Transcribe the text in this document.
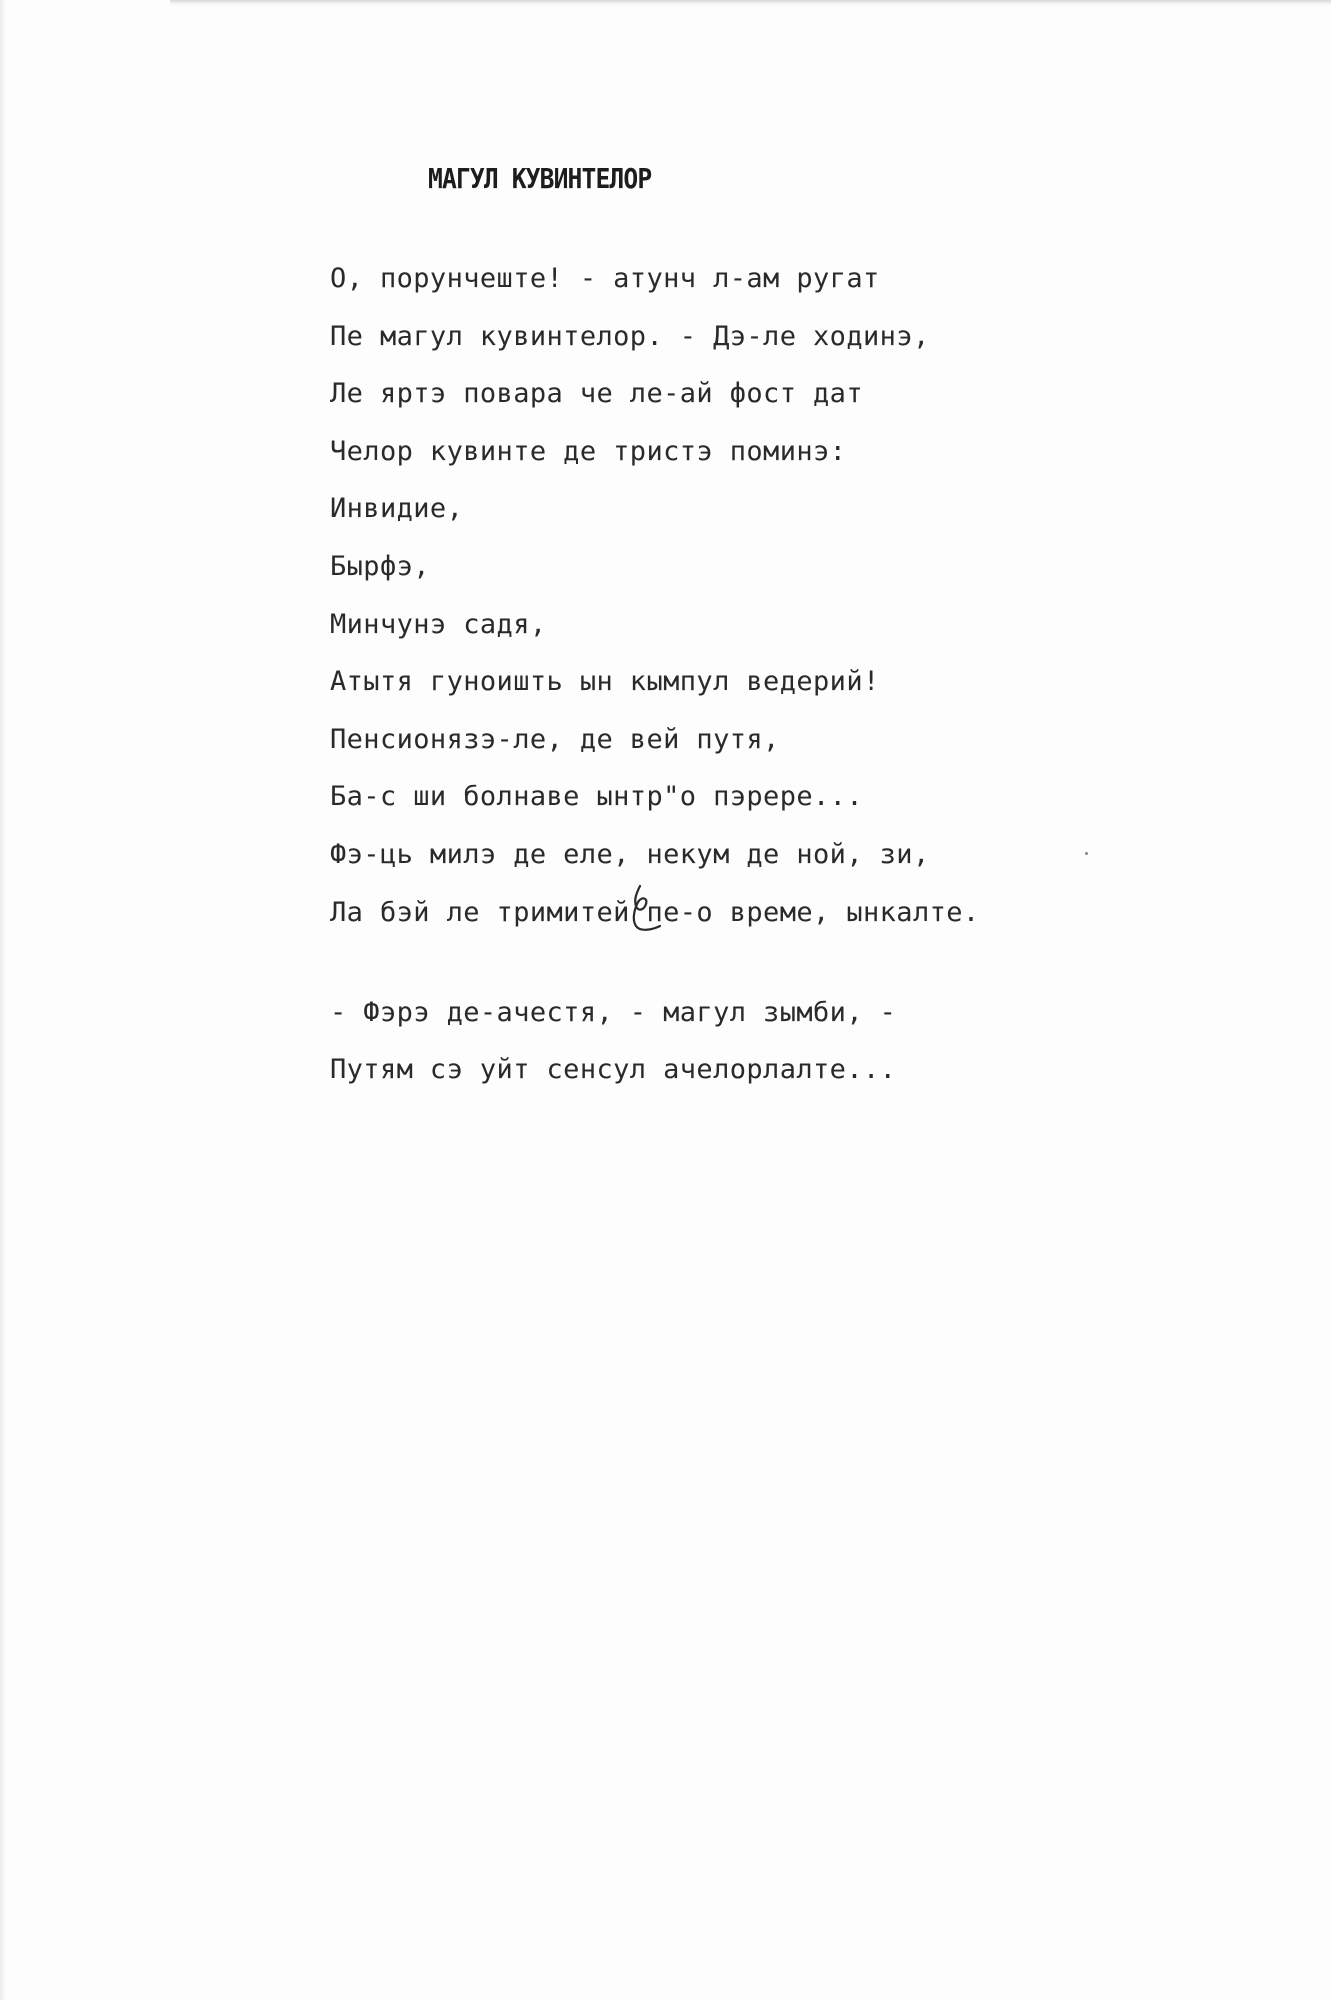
МАГУЛ КУВИНТЕЛОР
О, порунчеште! - атунч л-ам ругат
Пе магул кувинтелор. - Дэ-ле ходинэ,
Ле яртэ повара че ле-ай фост дат
Челор кувинте де тристэ поминэ:
Инвидие,
Бырфэ,
Минчунэ садя,
Атытя гуноишть ын кымпул ведерий!
Пенсионязэ-ле, де вей путя,
Ба-с ши болнаве ынтр"о пэрере...
Фэ-ць милэ де еле, некум де ной, зи,
Ла бэй ле тримитей пе-о време, ынкалте.
- Фэрэ де-ачестя, - магул зымби, -
Путям сэ уйт сенсул ачелорлалте...
